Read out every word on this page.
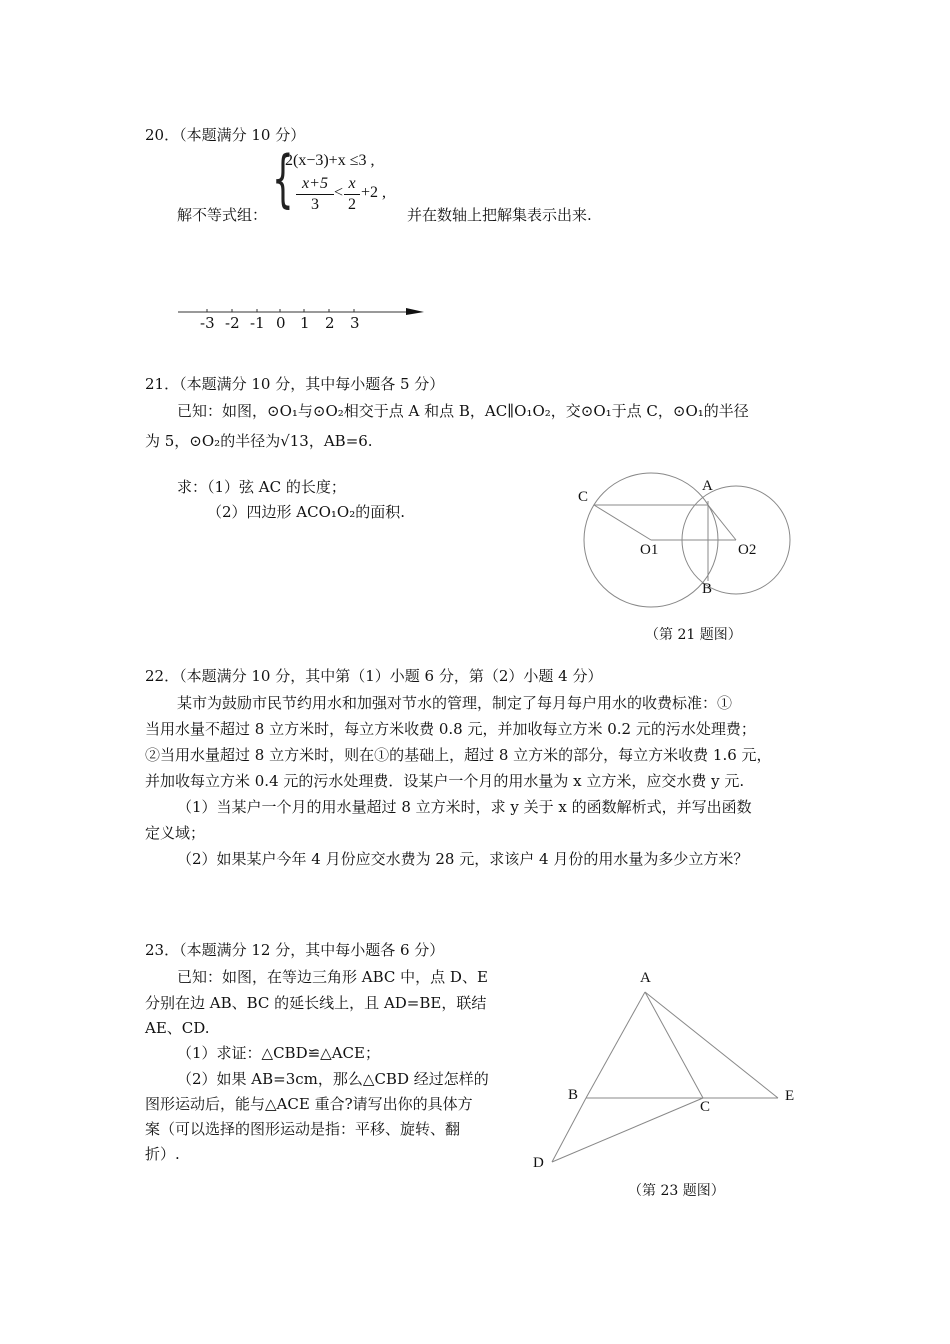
20．（本题满分 10 分）
{
2(x−3)+x ≤3 ,
x+5
3
<
x
2
+2 ,
解不等式组：	并在数轴上把解集表示出来.
-3 -2 -1 0 1 2 3
21．（本题满分 10 分，其中每小题各 5 分）
已知：如图，⊙O₁与⊙O₂相交于点 A 和点 B，AC∥O₁O₂，交⊙O₁于点 C，⊙O₁的半径
为 5，⊙O₂的半径为√13，AB=6.
求：（1）弦 AC 的长度；
（2）四边形 ACO₁O₂的面积.
C
A
O1	O2
B
（第 21 题图）
22．（本题满分 10 分，其中第（1）小题 6 分，第（2）小题 4 分）
某市为鼓励市民节约用水和加强对节水的管理，制定了每月每户用水的收费标准：①
当用水量不超过 8 立方米时，每立方米收费 0.8 元，并加收每立方米 0.2 元的污水处理费；
②当用水量超过 8 立方米时，则在①的基础上，超过 8 立方米的部分，每立方米收费 1.6 元，
并加收每立方米 0.4 元的污水处理费．设某户一个月的用水量为 x 立方米，应交水费 y 元.
（1）当某户一个月的用水量超过 8 立方米时，求 y 关于 x 的函数解析式，并写出函数
定义域；
（2）如果某户今年 4 月份应交水费为 28 元，求该户 4 月份的用水量为多少立方米？
23．（本题满分 12 分，其中每小题各 6 分）
已知：如图，在等边三角形 ABC 中，点 D、E
分别在边 AB、BC 的延长线上，且 AD=BE，联结
AE、CD.
（1）求证：△CBD≌△ACE；
（2）如果 AB=3cm，那么△CBD 经过怎样的
图形运动后，能与△ACE 重合?请写出你的具体方
案（可以选择的图形运动是指：平移、旋转、翻
折）.
A
B
C
E
D
（第 23 题图）
